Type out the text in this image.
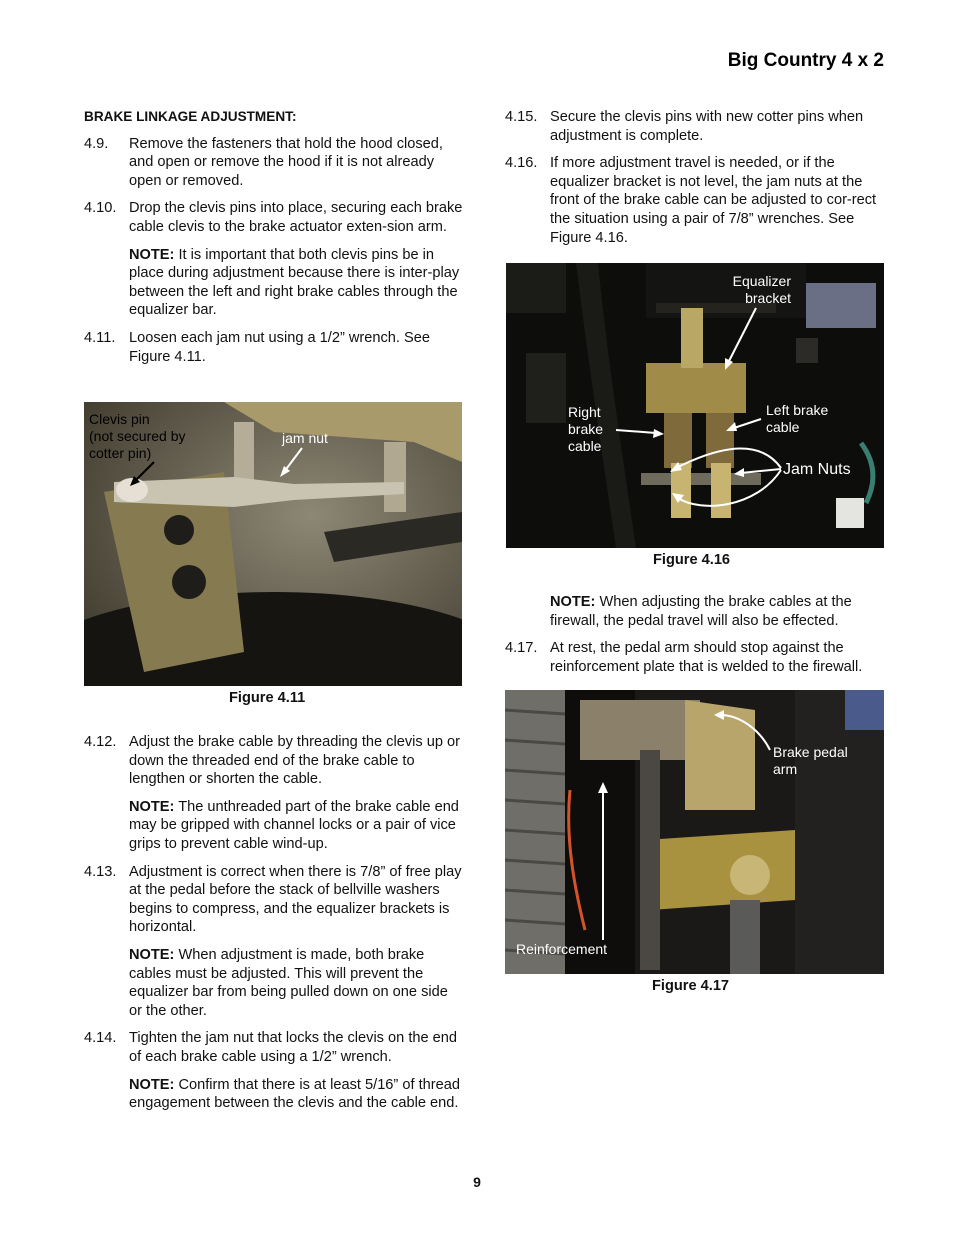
Big Country 4 x 2
BRAKE LINKAGE ADJUSTMENT:
4.9.	Remove the fasteners that hold the hood closed, and open or remove the hood if it is not already open or removed.
4.10. Drop the clevis pins into place, securing each brake cable clevis to the brake actuator exten-sion arm.
NOTE: It is important that both clevis pins be in place during adjustment because there is inter-play between the left and right brake cables through the equalizer bar.
4.11. Loosen each jam nut using a 1/2” wrench. See Figure 4.11.
Clevis pin
(not secured by
cotter pin)
jam nut
Figure 4.11
4.12. Adjust the brake cable by threading the clevis up or down the threaded end of the brake cable to lengthen or shorten the cable.
NOTE: The unthreaded part of the brake cable end may be gripped with channel locks or a pair of vice grips to prevent cable wind-up.
4.13. Adjustment is correct when there is 7/8” of free play at the pedal before the stack of bellville washers begins to compress, and the equalizer brackets is horizontal.
NOTE: When adjustment is made, both brake cables must be adjusted. This will prevent the equalizer bar from being pulled down on one side or the other.
4.14. Tighten the jam nut that locks the clevis on the end of each brake cable using a 1/2” wrench.
NOTE: Confirm that there is at least 5/16” of thread engagement between the clevis and the cable end.
4.15. Secure the clevis pins with new cotter pins when adjustment is complete.
4.16. If more adjustment travel is needed, or if the equalizer bracket is not level, the jam nuts at the front of the brake cable can be adjusted to cor-rect the situation using a pair of 7/8” wrenches. See Figure 4.16.
Equalizer
bracket
Right
brake
cable
Left brake
cable
Jam Nuts
Figure 4.16
NOTE: When adjusting the brake cables at the firewall, the pedal travel will also be effected.
4.17. At rest, the pedal arm should stop against the reinforcement plate that is welded to the firewall.
Brake pedal
arm
Reinforcement
Figure 4.17
9
